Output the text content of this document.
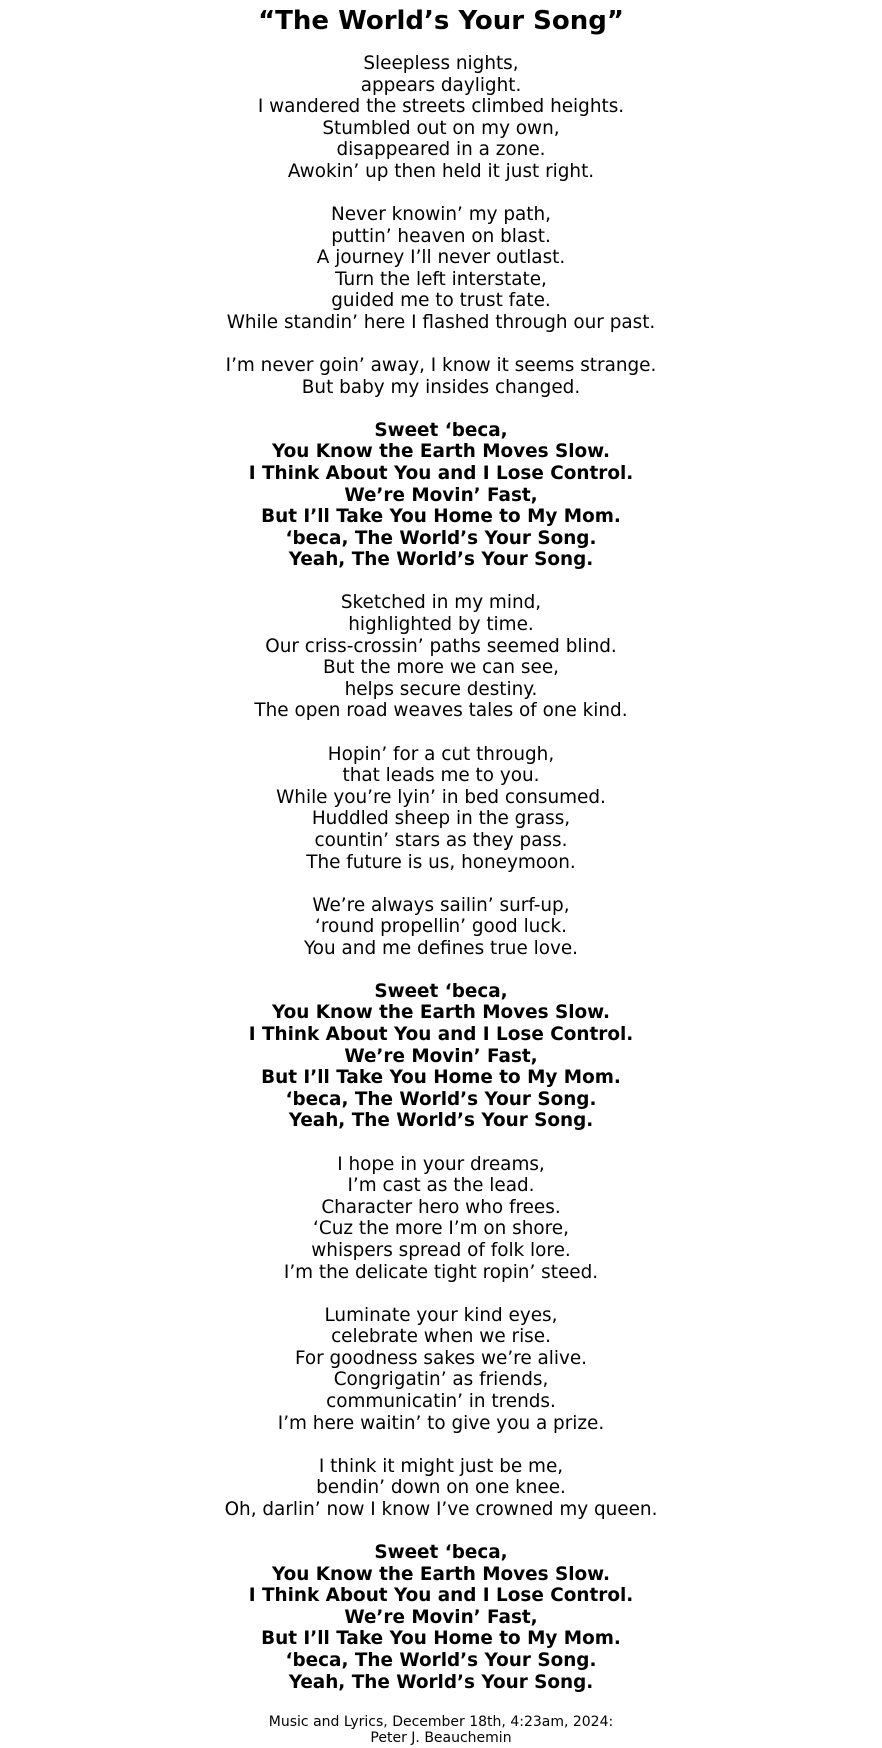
“The World’s Your Song”
Sleepless nights,
appears daylight.
I wandered the streets climbed heights.
Stumbled out on my own,
disappeared in a zone.
Awokin’ up then held it just right.
Never knowin’ my path,
puttin’ heaven on blast.
A journey I’ll never outlast.
Turn the left interstate,
guided me to trust fate.
While standin’ here I flashed through our past.
I’m never goin’ away, I know it seems strange.
But baby my insides changed.
Sweet ‘beca,
You Know the Earth Moves Slow.
I Think About You and I Lose Control.
We’re Movin’ Fast,
But I’ll Take You Home to My Mom.
‘beca, The World’s Your Song.
Yeah, The World’s Your Song.
Sketched in my mind,
highlighted by time.
Our criss-crossin’ paths seemed blind.
But the more we can see,
helps secure destiny.
The open road weaves tales of one kind.
Hopin’ for a cut through,
that leads me to you.
While you’re lyin’ in bed consumed.
Huddled sheep in the grass,
countin’ stars as they pass.
The future is us, honeymoon.
We’re always sailin’ surf-up,
‘round propellin’ good luck.
You and me defines true love.
Sweet ‘beca,
You Know the Earth Moves Slow.
I Think About You and I Lose Control.
We’re Movin’ Fast,
But I’ll Take You Home to My Mom.
‘beca, The World’s Your Song.
Yeah, The World’s Your Song.
I hope in your dreams,
I’m cast as the lead.
Character hero who frees.
‘Cuz the more I’m on shore,
whispers spread of folk lore.
I’m the delicate tight ropin’ steed.
Luminate your kind eyes,
celebrate when we rise.
For goodness sakes we’re alive.
Congrigatin’ as friends,
communicatin’ in trends.
I’m here waitin’ to give you a prize.
I think it might just be me,
bendin’ down on one knee.
Oh, darlin’ now I know I’ve crowned my queen.
Sweet ‘beca,
You Know the Earth Moves Slow.
I Think About You and I Lose Control.
We’re Movin’ Fast,
But I’ll Take You Home to My Mom.
‘beca, The World’s Your Song.
Yeah, The World’s Your Song.
Music and Lyrics, December 18th, 4:23am, 2024:
Peter J. Beauchemin
